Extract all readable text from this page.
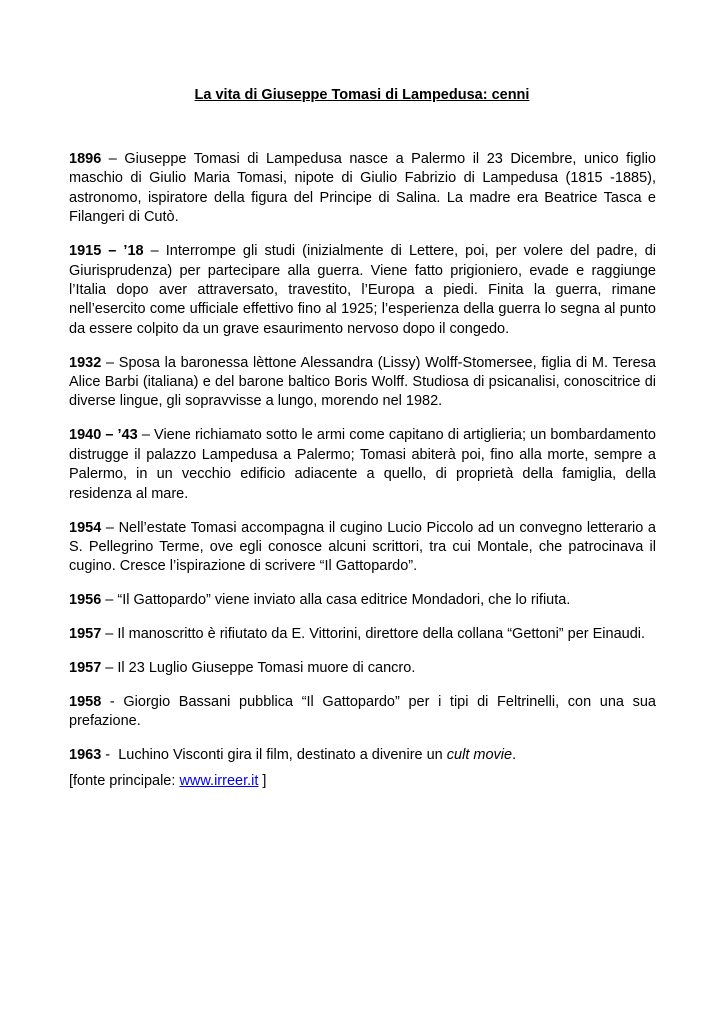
La vita di Giuseppe Tomasi di Lampedusa: cenni

1896 – Giuseppe Tomasi di Lampedusa nasce a Palermo il 23 Dicembre, unico figlio maschio di Giulio Maria Tomasi, nipote di Giulio Fabrizio di Lampedusa (1815 -1885), astronomo, ispiratore della figura del Principe di Salina. La madre era Beatrice Tasca e Filangeri di Cutò.

1915 – ’18 – Interrompe gli studi (inizialmente di Lettere, poi, per volere del padre, di Giurisprudenza) per partecipare alla guerra. Viene fatto prigioniero, evade e raggiunge l’Italia dopo aver attraversato, travestito, l’Europa a piedi. Finita la guerra, rimane nell’esercito come ufficiale effettivo fino al 1925; l’esperienza della guerra lo segna al punto da essere colpito da un grave esaurimento nervoso dopo il congedo.

1932 – Sposa la baronessa lèttone Alessandra (Lissy) Wolff-Stomersee, figlia di M. Teresa Alice Barbi (italiana) e del barone baltico Boris Wolff. Studiosa di psicanalisi, conoscitrice di diverse lingue, gli sopravvisse a lungo, morendo nel 1982.

1940 – ’43 – Viene richiamato sotto le armi come capitano di artiglieria; un bombardamento distrugge il palazzo Lampedusa a Palermo; Tomasi abiterà poi, fino alla morte, sempre a Palermo, in un vecchio edificio adiacente a quello, di proprietà della famiglia, della residenza al mare.

1954 – Nell’estate Tomasi accompagna il cugino Lucio Piccolo ad un convegno letterario a S. Pellegrino Terme, ove egli conosce alcuni scrittori, tra cui Montale, che patrocinava il cugino. Cresce l’ispirazione di scrivere “Il Gattopardo”.

1956 – “Il Gattopardo” viene inviato alla casa editrice Mondadori, che lo rifiuta.

1957 – Il manoscritto è rifiutato da E. Vittorini, direttore della collana “Gettoni” per Einaudi.

1957 – Il 23 Luglio Giuseppe Tomasi muore di cancro.

1958 - Giorgio Bassani pubblica “Il Gattopardo” per i tipi di Feltrinelli, con una sua prefazione.

1963 -  Luchino Visconti gira il film, destinato a divenire un cult movie.

[fonte principale: www.irreer.it ]
